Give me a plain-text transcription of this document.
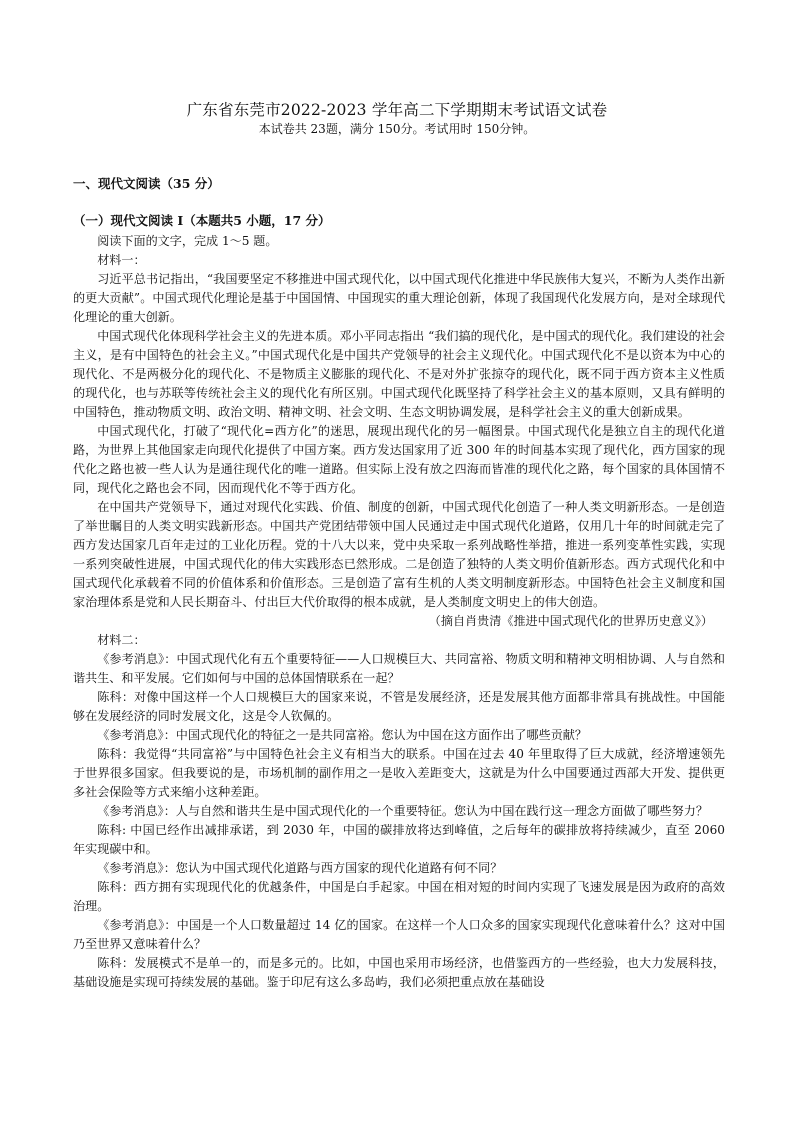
广东省东莞市2022-2023 学年高二下学期期末考试语文试卷
本试卷共 23题，满分 150分。考试用时 150分钟。
一、现代文阅读（35 分）
（一）现代文阅读 I（本题共5 小题，17 分）

阅读下面的文字，完成 1～5 题。

材料一：

习近平总书记指出，“我国要坚定不移推进中国式现代化，以中国式现代化推进中华民族伟大复兴，不断为人类作出新的更大贡献”。中国式现代化理论是基于中国国情、中国现实的重大理论创新，体现了我国现代化发展方向，是对全球现代化理论的重大创新。

中国式现代化体现科学社会主义的先进本质。邓小平同志指出 “我们搞的现代化，是中国式的现代化。我们建设的社会主义，是有中国特色的社会主义。”中国式现代化是中国共产党领导的社会主义现代化。中国式现代化不是以资本为中心的现代化、不是两极分化的现代化、不是物质主义膨胀的现代化、不是对外扩张掠夺的现代化，既不同于西方资本主义性质的现代化，也与苏联等传统社会主义的现代化有所区别。中国式现代化既坚持了科学社会主义的基本原则，又具有鲜明的中国特色，推动物质文明、政治文明、精神文明、社会文明、生态文明协调发展，是科学社会主义的重大创新成果。

中国式现代化，打破了“现代化=西方化”的迷思，展现出现代化的另一幅图景。中国式现代化是独立自主的现代化道路，为世界上其他国家走向现代化提供了中国方案。西方发达国家用了近 300 年的时间基本实现了现代化，西方国家的现代化之路也被一些人认为是通往现代化的唯一道路。但实际上没有放之四海而皆准的现代化之路，每个国家的具体国情不同，现代化之路也会不同，因而现代化不等于西方化。

在中国共产党领导下，通过对现代化实践、价值、制度的创新，中国式现代化创造了一种人类文明新形态。一是创造了举世瞩目的人类文明实践新形态。中国共产党团结带领中国人民通过走中国式现代化道路，仅用几十年的时间就走完了西方发达国家几百年走过的工业化历程。党的十八大以来，党中央采取一系列战略性举措，推进一系列变革性实践，实现一系列突破性进展，中国式现代化的伟大实践形态已然形成。二是创造了独特的人类文明价值新形态。西方式现代化和中国式现代化承载着不同的价值体系和价值形态。三是创造了富有生机的人类文明制度新形态。中国特色社会主义制度和国家治理体系是党和人民长期奋斗、付出巨大代价取得的根本成就，是人类制度文明史上的伟大创造。

（摘自肖贵清《推进中国式现代化的世界历史意义》）

材料二：

《参考消息》：中国式现代化有五个重要特征——人口规模巨大、共同富裕、物质文明和精神文明相协调、人与自然和谐共生、和平发展。它们如何与中国的总体国情联系在一起？

陈科：对像中国这样一个人口规模巨大的国家来说，不管是发展经济，还是发展其他方面都非常具有挑战性。中国能够在发展经济的同时发展文化，这是令人钦佩的。

《参考消息》：中国式现代化的特征之一是共同富裕。您认为中国在这方面作出了哪些贡献？

陈科：我觉得“共同富裕”与中国特色社会主义有相当大的联系。中国在过去 40 年里取得了巨大成就，经济增速领先于世界很多国家。但我要说的是，市场机制的副作用之一是收入差距变大，这就是为什么中国要通过西部大开发、提供更多社会保险等方式来缩小这种差距。

《参考消息》：人与自然和谐共生是中国式现代化的一个重要特征。您认为中国在践行这一理念方面做了哪些努力？

陈科: 中国已经作出减排承诺，到 2030 年，中国的碳排放将达到峰值，之后每年的碳排放将持续减少，直至 2060 年实现碳中和。

《参考消息》：您认为中国式现代化道路与西方国家的现代化道路有何不同？

陈科：西方拥有实现现代化的优越条件，中国是白手起家。中国在相对短的时间内实现了飞速发展是因为政府的高效治理。

《参考消息》：中国是一个人口数量超过 14 亿的国家。在这样一个人口众多的国家实现现代化意味着什么？这对中国乃至世界又意味着什么？

陈科：发展模式不是单一的，而是多元的。比如，中国也采用市场经济，也借鉴西方的一些经验，也大力发展科技，基础设施是实现可持续发展的基础。鉴于印尼有这么多岛屿，我们必须把重点放在基础设
